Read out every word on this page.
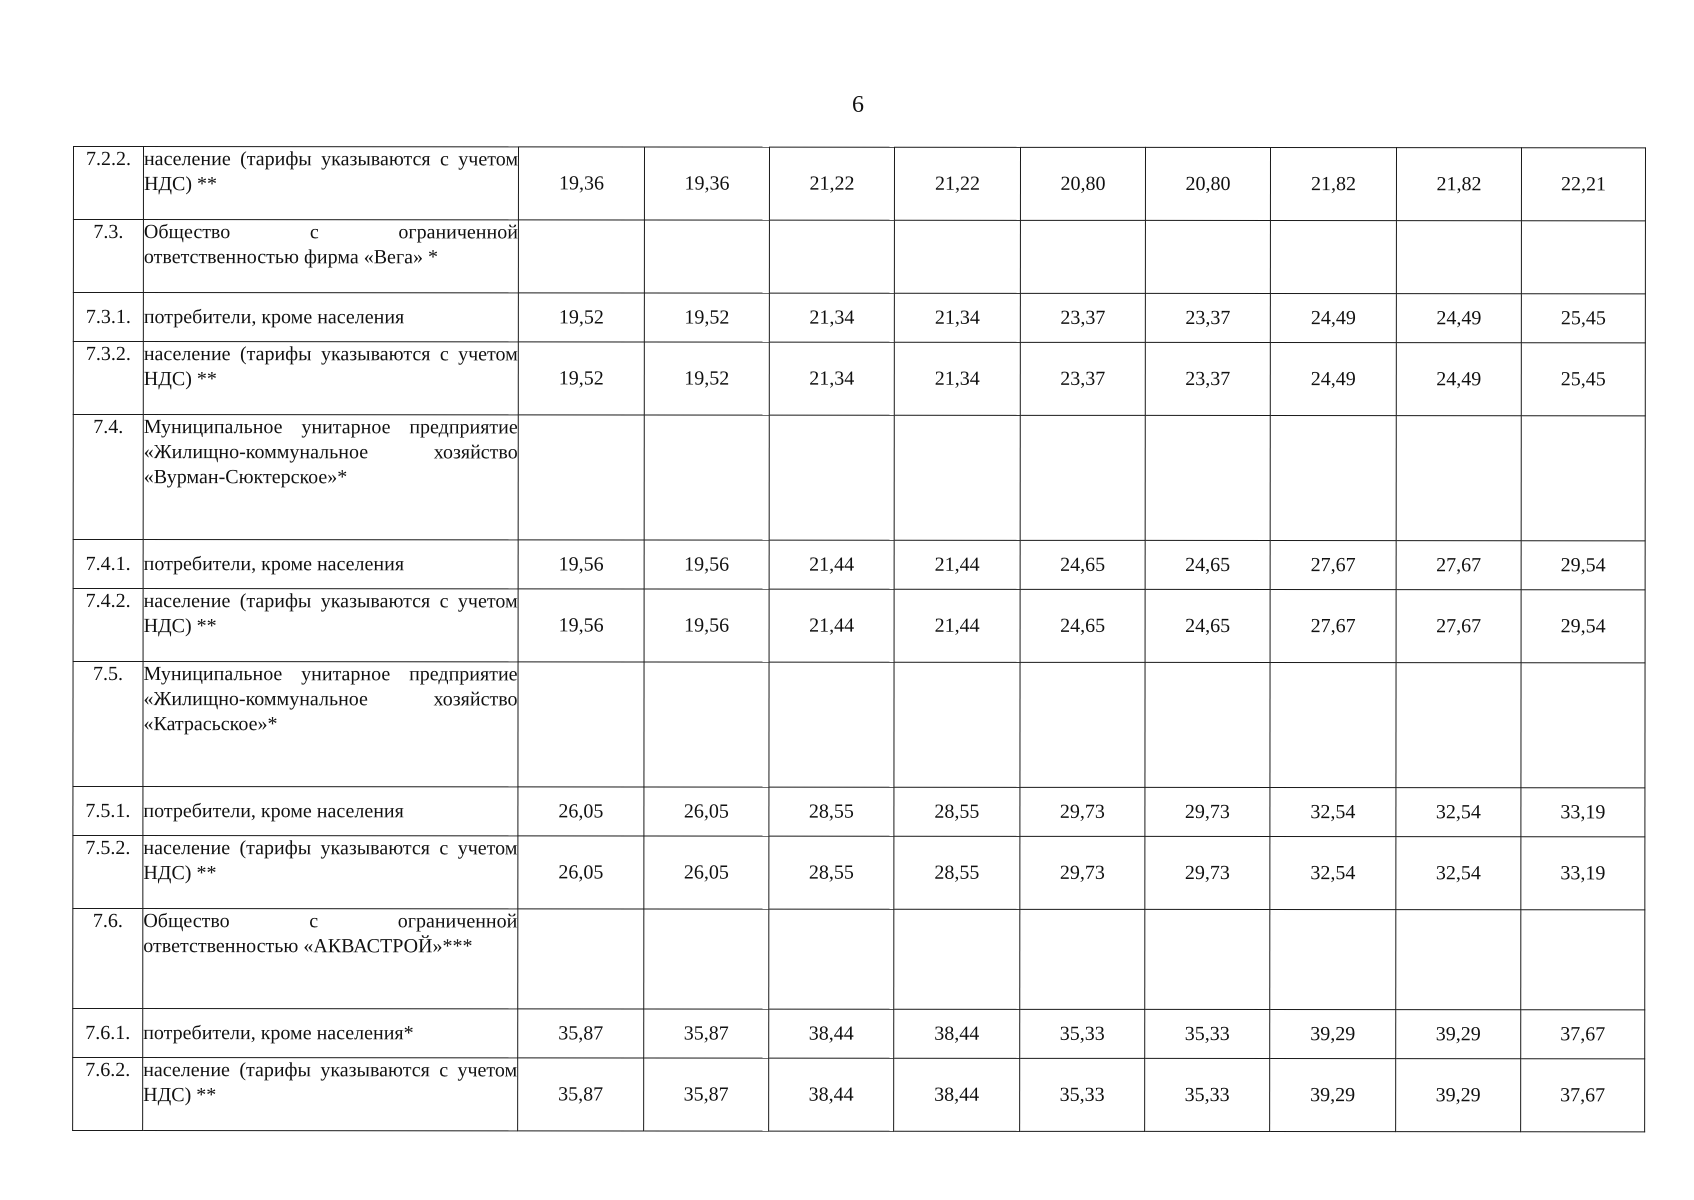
6
7.2.2.	население (тарифы указываются с учетом НДС) **	19,36	19,36	21,22	21,22	20,80	20,80	21,82	21,82	22,21
7.3.	Общество с ограниченной ответственностью фирма «Вега» *									
7.3.1.	потребители, кроме населения	19,52	19,52	21,34	21,34	23,37	23,37	24,49	24,49	25,45
7.3.2.	население (тарифы указываются с учетом НДС) **	19,52	19,52	21,34	21,34	23,37	23,37	24,49	24,49	25,45
7.4.	Муниципальное унитарное предприятие «Жилищно-коммунальное хозяйство «Вурман-Сюктерское»*									
7.4.1.	потребители, кроме населения	19,56	19,56	21,44	21,44	24,65	24,65	27,67	27,67	29,54
7.4.2.	население (тарифы указываются с учетом НДС) **	19,56	19,56	21,44	21,44	24,65	24,65	27,67	27,67	29,54
7.5.	Муниципальное унитарное предприятие «Жилищно-коммунальное хозяйство «Катрасьское»*									
7.5.1.	потребители, кроме населения	26,05	26,05	28,55	28,55	29,73	29,73	32,54	32,54	33,19
7.5.2.	население (тарифы указываются с учетом НДС) **	26,05	26,05	28,55	28,55	29,73	29,73	32,54	32,54	33,19
7.6.	Общество с ограниченной ответственностью «АКВАСТРОЙ»***									
7.6.1.	потребители, кроме населения*	35,87	35,87	38,44	38,44	35,33	35,33	39,29	39,29	37,67
7.6.2.	население (тарифы указываются с учетом НДС) **	35,87	35,87	38,44	38,44	35,33	35,33	39,29	39,29	37,67
